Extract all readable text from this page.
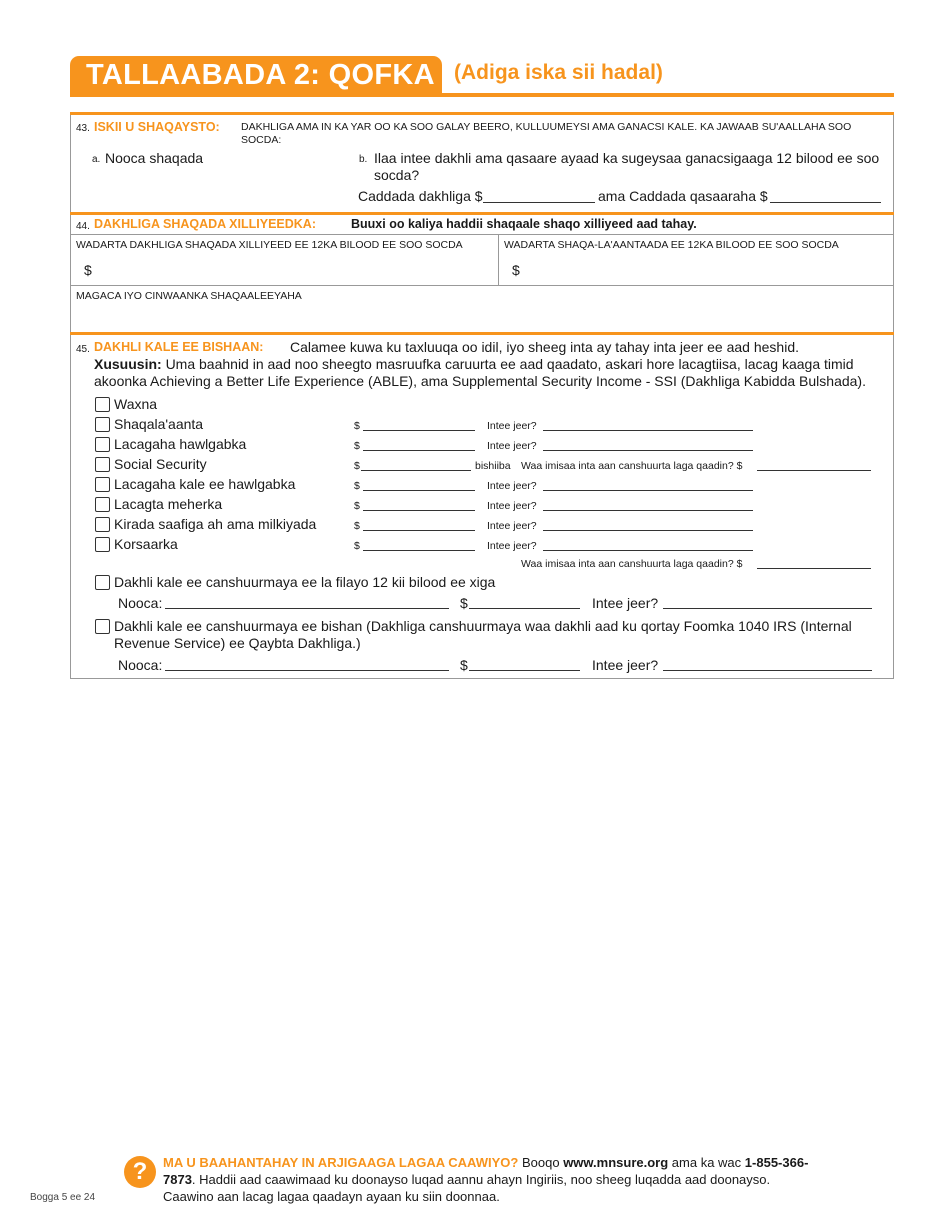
TALLAABADA 2: QOFKA 1
(Adiga iska sii hadal)
43. ISKII U SHAQAYSTO: DAKHLIGA AMA IN KA YAR OO KA SOO GALAY BEERO, KULLUUMEYSI AMA GANACSI KALE. KA JAWAAB SU'AALLAHA SOO SOCDA:
a. Nooca shaqada	b. Ilaa intee dakhli ama qasaare ayaad ka sugeysaa ganacsigaaga 12 bilood ee soo socda?
Caddada dakhliga $	ama Caddada qasaaraha $
44. DAKHLIGA SHAQADA XILLIYEEDKA:	Buuxi oo kaliya haddii shaqaale shaqo xilliyeed aad tahay.
WADARTA DAKHLIGA SHAQADA XILLIYEED EE 12KA BILOOD EE SOO SOCDA
$
WADARTA SHAQA-LA'AANTAADA EE 12KA BILOOD EE SOO SOCDA
$
MAGACA IYO CINWAANKA SHAQAALEEYAHA
45. DAKHLI KALE EE BISHAAN: Calamee kuwa ku taxluuqa oo idil, iyo sheeg inta ay tahay inta jeer ee aad heshid.
Xusuusin: Uma baahnid in aad noo sheegto masruufka caruurta ee aad qaadato, askari hore lacagtiisa, lacag kaaga timid akoonka Achieving a Better Life Experience (ABLE), ama Supplemental Security Income - SSI (Dakhliga Kabidda Bulshada).
Waxna
Shaqala'aanta	$	Intee jeer?
Lacagaha hawlgabka	$	Intee jeer?
Social Security	$	bishiiba Waa imisaa inta aan canshuurta laga qaadin? $
Lacagaha kale ee hawlgabka	$	Intee jeer?
Lacagta meherka	$	Intee jeer?
Kirada saafiga ah ama milkiyada	$	Intee jeer?
Korsaarka	$	Intee jeer?
Waa imisaa inta aan canshuurta laga qaadin? $
Dakhli kale ee canshuurmaya ee la filayo 12 kii bilood ee xiga
Nooca:	$	Intee jeer?
Dakhli kale ee canshuurmaya ee bishan (Dakhliga canshuurmaya waa dakhli aad ku qortay Foomka 1040 IRS (Internal Revenue Service) ee Qaybta Dakhliga.)
Nooca:	$	Intee jeer?
?	MA U BAAHANTAHAY IN ARJIGAAGA LAGAA CAAWIYO? Booqo www.mnsure.org ama ka wac 1-855-366-7873. Haddii aad caawimaad ku doonayso luqad aannu ahayn Ingiriis, noo sheeg luqadda aad doonayso. Caawino aan lacag lagaa qaadayn ayaan ku siin doonnaa.
Bogga 5 ee 24
